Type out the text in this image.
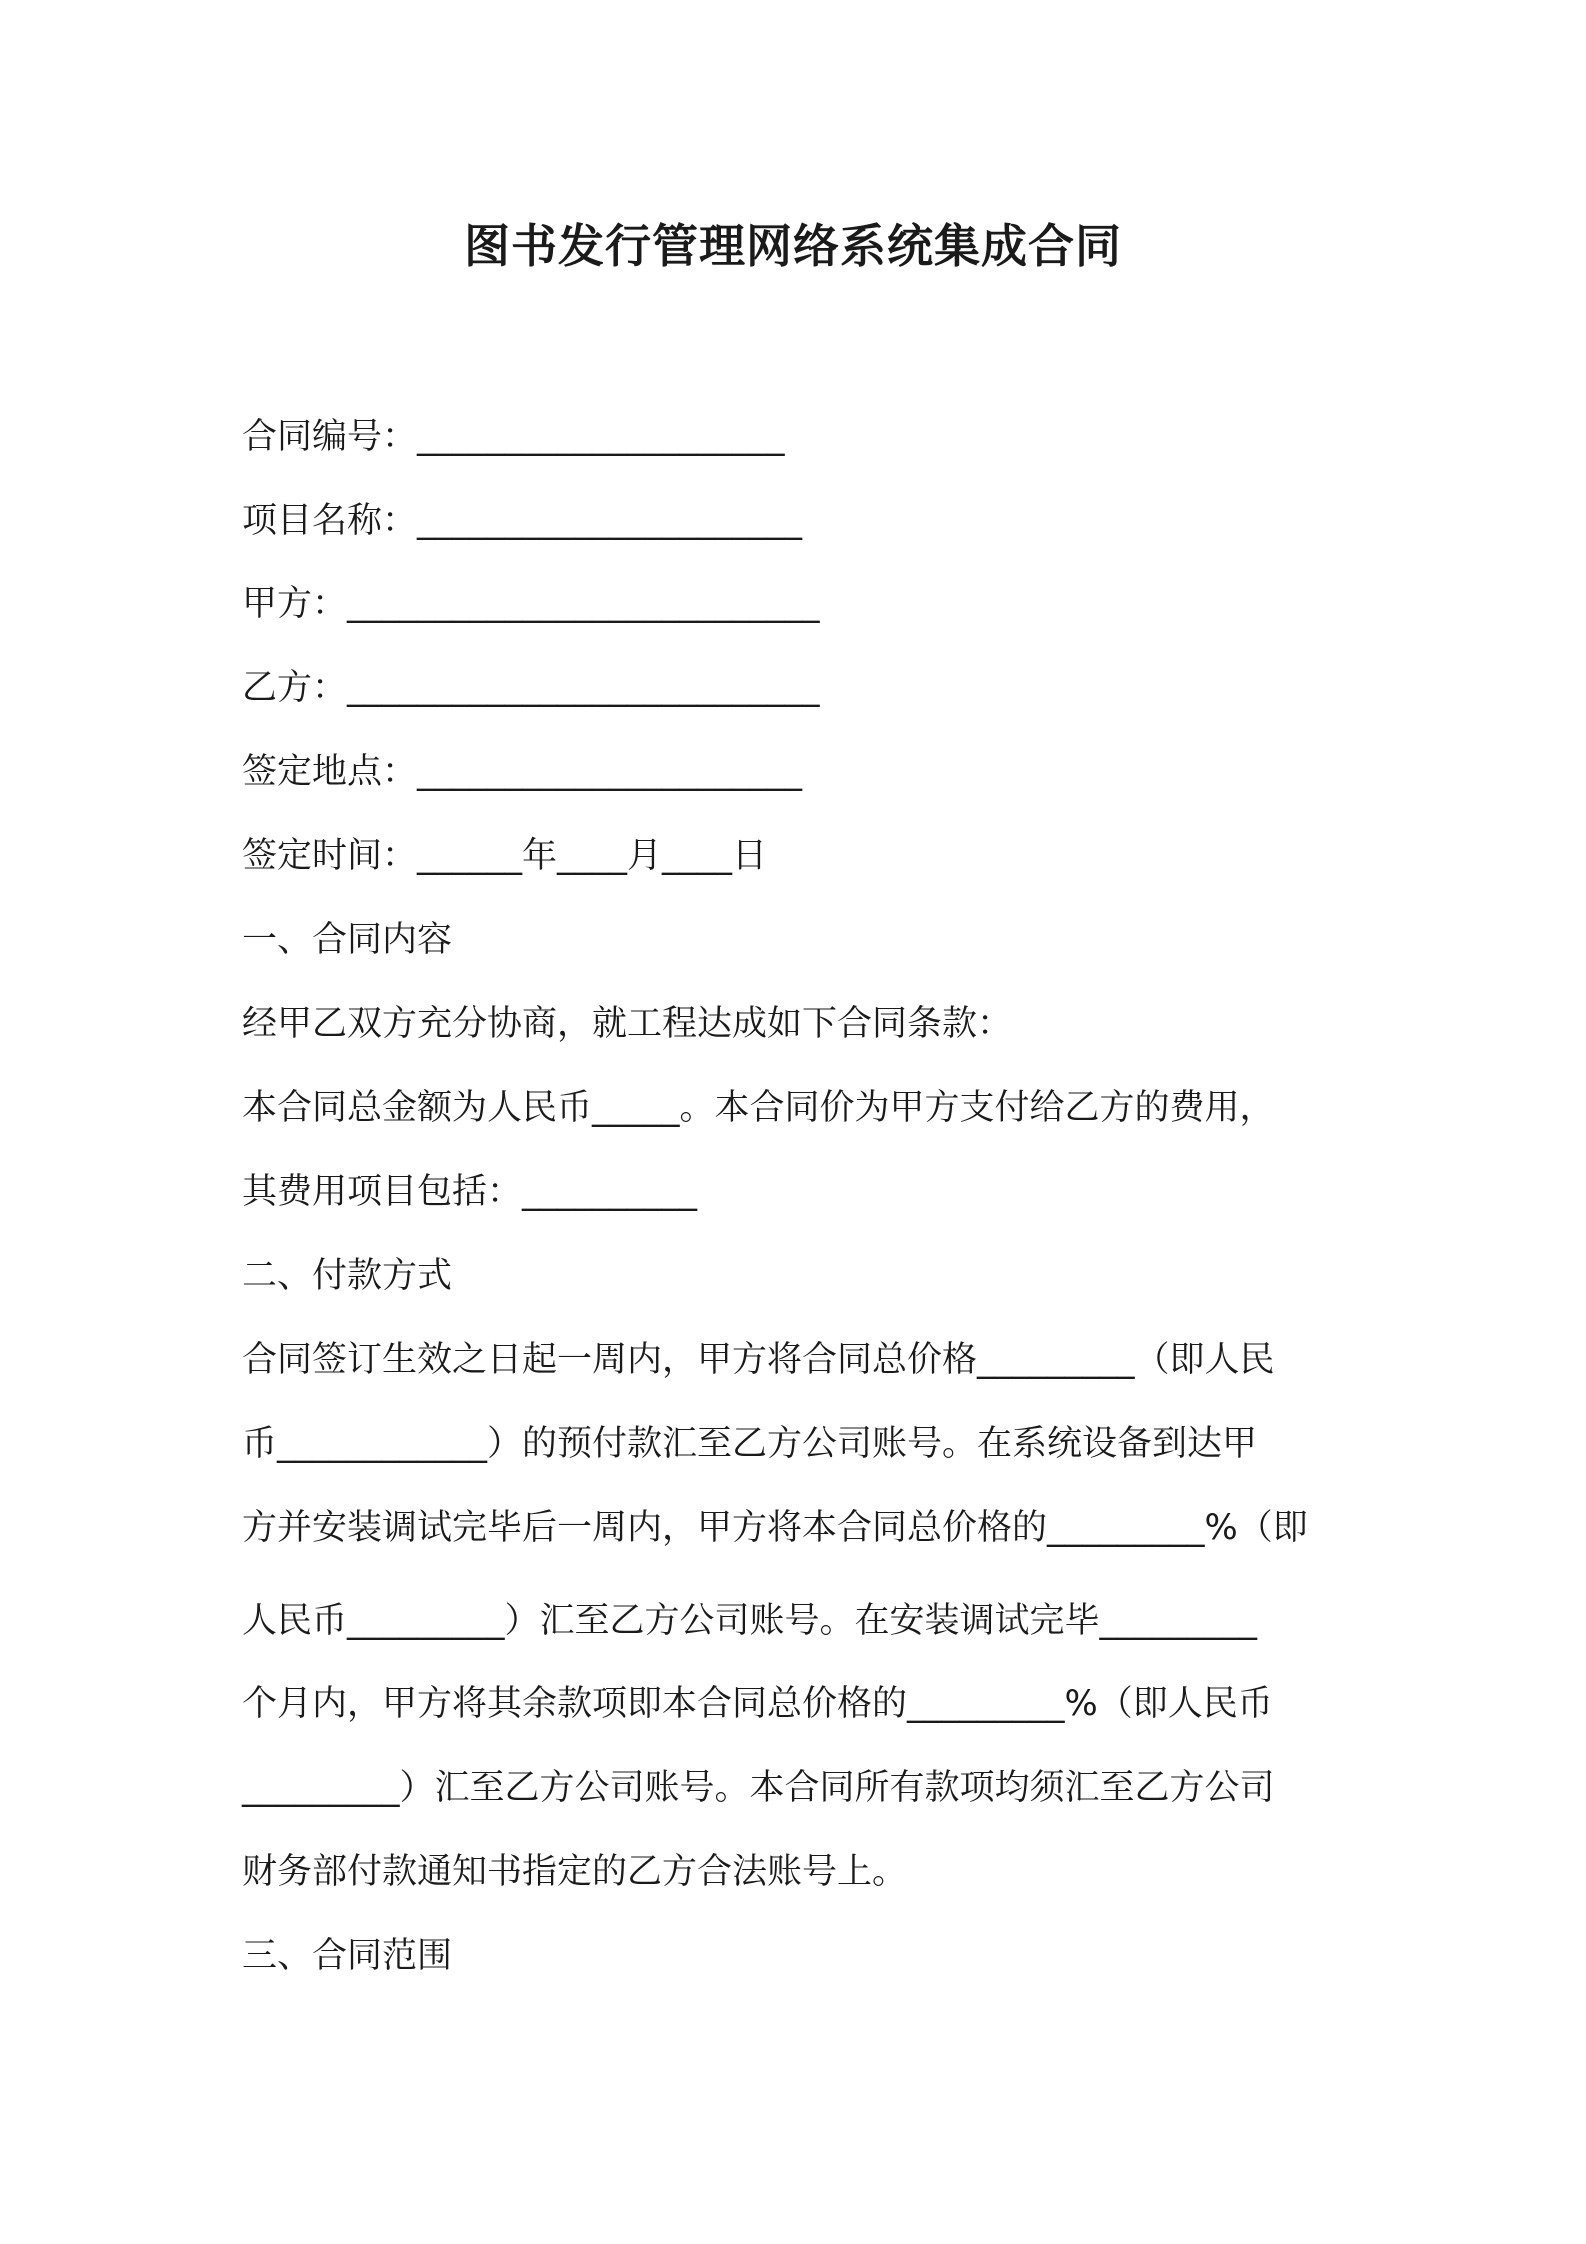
图书发行管理网络系统集成合同
合同编号：_____________________
项目名称：______________________
甲方：___________________________
乙方：___________________________
签定地点：______________________
签定时间：______年____月____日
一、合同内容
经甲乙双方充分协商，就工程达成如下合同条款：
本合同总金额为人民币_____。本合同价为甲方支付给乙方的费用，
其费用项目包括：__________
二、付款方式
合同签订生效之日起一周内，甲方将合同总价格_________（即人民
币____________）的预付款汇至乙方公司账号。在系统设备到达甲
方并安装调试完毕后一周内，甲方将本合同总价格的_________%（即
人民币_________）汇至乙方公司账号。在安装调试完毕_________
个月内，甲方将其余款项即本合同总价格的_________%（即人民币
_________）汇至乙方公司账号。本合同所有款项均须汇至乙方公司
财务部付款通知书指定的乙方合法账号上。
三、合同范围
